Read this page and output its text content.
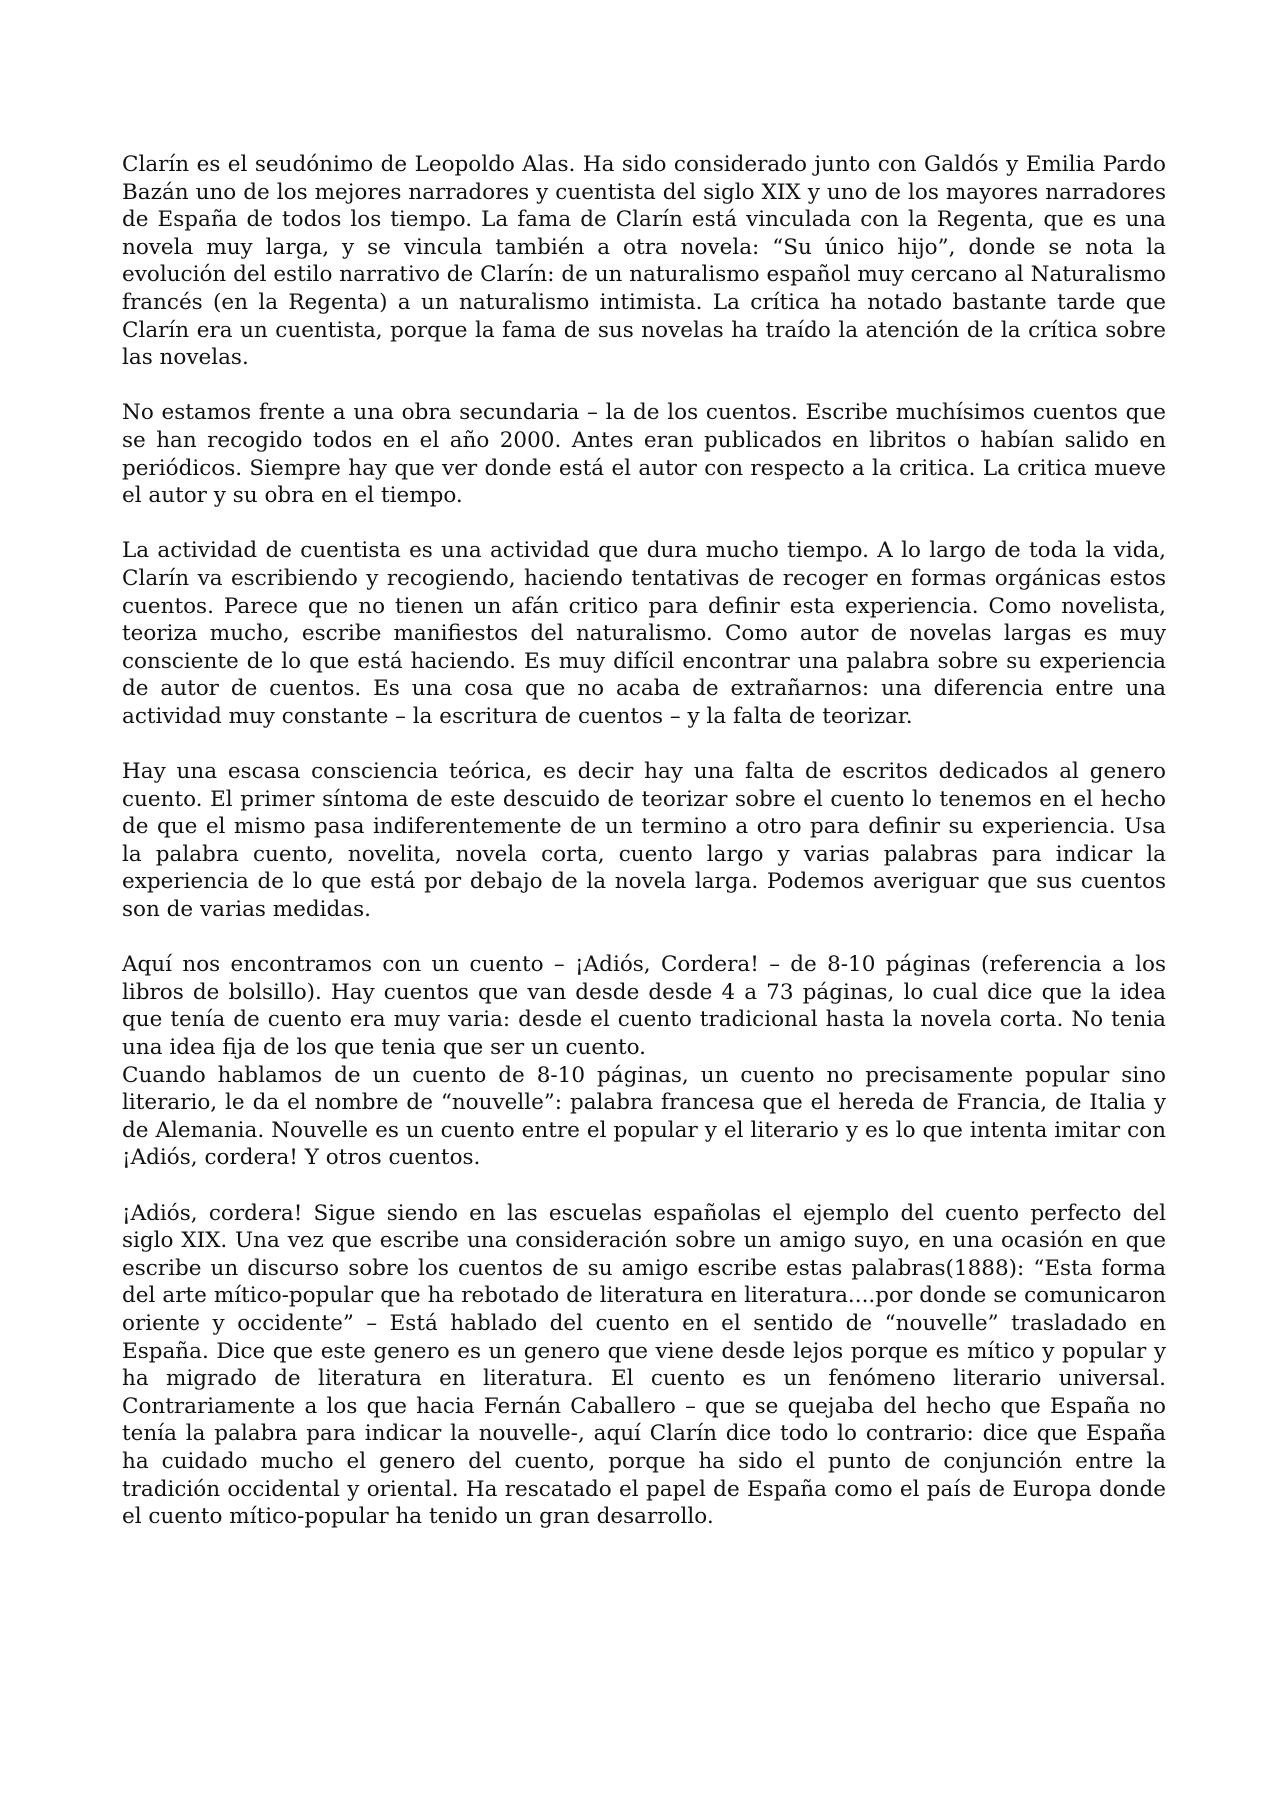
Clarín es el seudónimo de Leopoldo Alas. Ha sido considerado junto con Galdós y Emilia Pardo Bazán uno de los mejores narradores y cuentista del siglo XIX y uno de los mayores narradores de España de todos los tiempo. La fama de Clarín está vinculada con la Regenta, que es una novela muy larga, y se vincula también a otra novela: “Su único hijo”, donde se nota la evolución del estilo narrativo de Clarín: de un naturalismo español muy cercano al Naturalismo francés (en la Regenta) a un naturalismo intimista. La crítica ha notado bastante tarde que Clarín era un cuentista, porque la fama de sus novelas ha traído la atención de la crítica sobre las novelas.

No estamos frente a una obra secundaria – la de los cuentos. Escribe muchísimos cuentos que se han recogido todos en el año 2000. Antes eran publicados en libritos o habían salido en periódicos. Siempre hay que ver donde está el autor con respecto a la critica. La critica mueve el autor y su obra en el tiempo.

La actividad de cuentista es una actividad que dura mucho tiempo. A lo largo de toda la vida, Clarín va escribiendo y recogiendo, haciendo tentativas de recoger en formas orgánicas estos cuentos. Parece que no tienen un afán critico para definir esta experiencia. Como novelista, teoriza mucho, escribe manifiestos del naturalismo. Como autor de novelas largas es muy consciente de lo que está haciendo. Es muy difícil encontrar una palabra sobre su experiencia de autor de cuentos. Es una cosa que no acaba de extrañarnos: una diferencia entre una actividad muy constante – la escritura de cuentos – y la falta de teorizar.

Hay una escasa consciencia teórica, es decir hay una falta de escritos dedicados al genero cuento. El primer síntoma de este descuido de teorizar sobre el cuento lo tenemos en el hecho de que el mismo pasa indiferentemente de un termino a otro para definir su experiencia. Usa la palabra cuento, novelita, novela corta, cuento largo y varias palabras para indicar la experiencia de lo que está por debajo de la novela larga. Podemos averiguar que sus cuentos son de varias medidas.

Aquí nos encontramos con un cuento – ¡Adiós, Cordera! – de 8-10 páginas (referencia a los libros de bolsillo). Hay cuentos que van desde desde 4 a 73 páginas, lo cual dice que la idea que tenía de cuento era muy varia: desde el cuento tradicional hasta la novela corta. No tenia una idea fija de los que tenia que ser un cuento.

Cuando hablamos de un cuento de 8-10 páginas, un cuento no precisamente popular sino literario, le da el nombre de “nouvelle”: palabra francesa que el hereda de Francia, de Italia y de Alemania. Nouvelle es un cuento entre el popular y el literario y es lo que intenta imitar con ¡Adiós, cordera! Y otros cuentos.

¡Adiós, cordera! Sigue siendo en las escuelas españolas el ejemplo del cuento perfecto del siglo XIX. Una vez que escribe una consideración sobre un amigo suyo, en una ocasión en que escribe un discurso sobre los cuentos de su amigo escribe estas palabras(1888): “Esta forma del arte mítico-popular que ha rebotado de literatura en literatura....por donde se comunicaron oriente y occidente” – Está hablado del cuento en el sentido de “nouvelle” trasladado en España. Dice que este genero es un genero que viene desde lejos porque es mítico y popular y ha migrado de literatura en literatura. El cuento es un fenómeno literario universal. Contrariamente a los que hacia Fernán Caballero – que se quejaba del hecho que España no tenía la palabra para indicar la nouvelle-, aquí Clarín dice todo lo contrario: dice que España ha cuidado mucho el genero del cuento, porque ha sido el punto de conjunción entre la tradición occidental y oriental. Ha rescatado el papel de España como el país de Europa donde el cuento mítico-popular ha tenido un gran desarrollo.
